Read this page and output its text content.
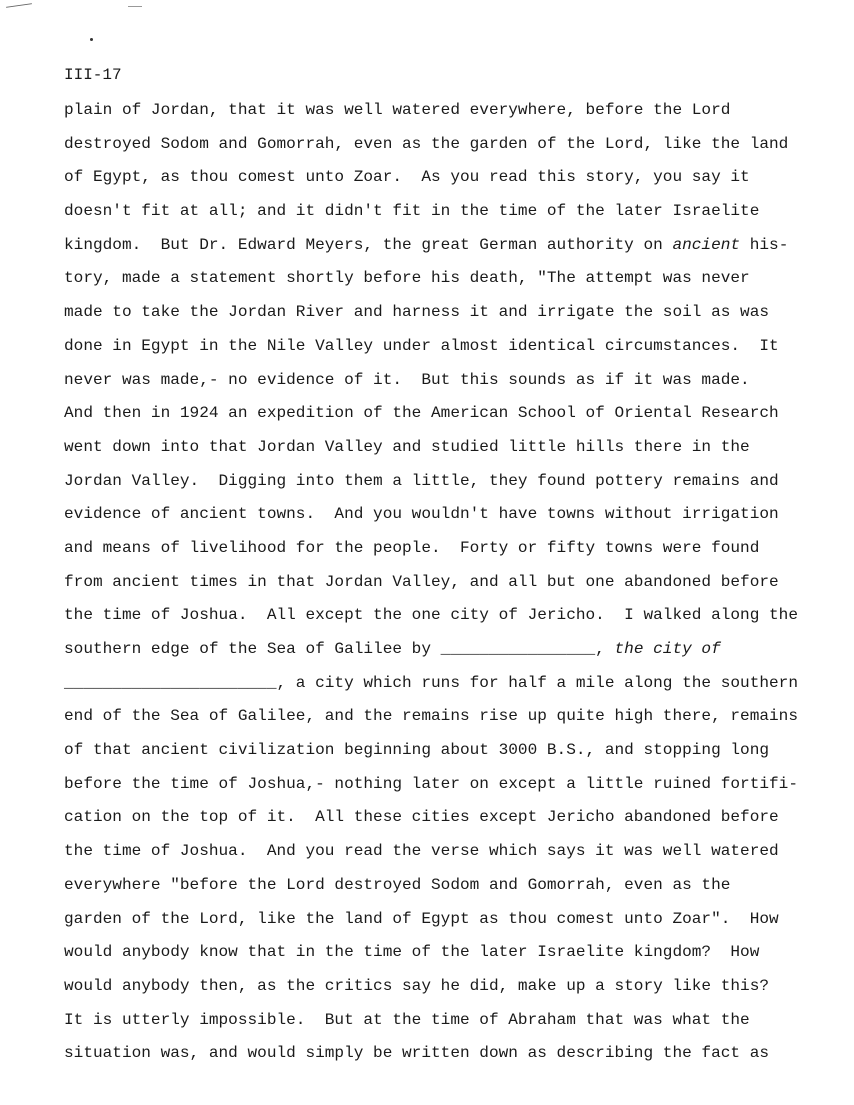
III-17
plain of Jordan, that it was well watered everywhere, before the Lord
destroyed Sodom and Gomorrah, even as the garden of the Lord, like the land
of Egypt, as thou comest unto Zoar.  As you read this story, you say it
doesn't fit at all; and it didn't fit in the time of the later Israelite
kingdom.  But Dr. Edward Meyers, the great German authority on ancient his-
tory, made a statement shortly before his death, "The attempt was never
made to take the Jordan River and harness it and irrigate the soil as was
done in Egypt in the Nile Valley under almost identical circumstances.  It
never was made,- no evidence of it.  But this sounds as if it was made.
And then in 1924 an expedition of the American School of Oriental Research
went down into that Jordan Valley and studied little hills there in the
Jordan Valley.  Digging into them a little, they found pottery remains and
evidence of ancient towns.  And you wouldn't have towns without irrigation
and means of livelihood for the people.  Forty or fifty towns were found
from ancient times in that Jordan Valley, and all but one abandoned before
the time of Joshua.  All except the one city of Jericho.  I walked along the
southern edge of the Sea of Galilee by ________________, the city of
______________________, a city which runs for half a mile along the southern
end of the Sea of Galilee, and the remains rise up quite high there, remains
of that ancient civilization beginning about 3000 B.S., and stopping long
before the time of Joshua,- nothing later on except a little ruined fortifi-
cation on the top of it.  All these cities except Jericho abandoned before
the time of Joshua.  And you read the verse which says it was well watered
everywhere "before the Lord destroyed Sodom and Gomorrah, even as the
garden of the Lord, like the land of Egypt as thou comest unto Zoar".  How
would anybody know that in the time of the later Israelite kingdom?  How
would anybody then, as the critics say he did, make up a story like this?
It is utterly impossible.  But at the time of Abraham that was what the
situation was, and would simply be written down as describing the fact as
